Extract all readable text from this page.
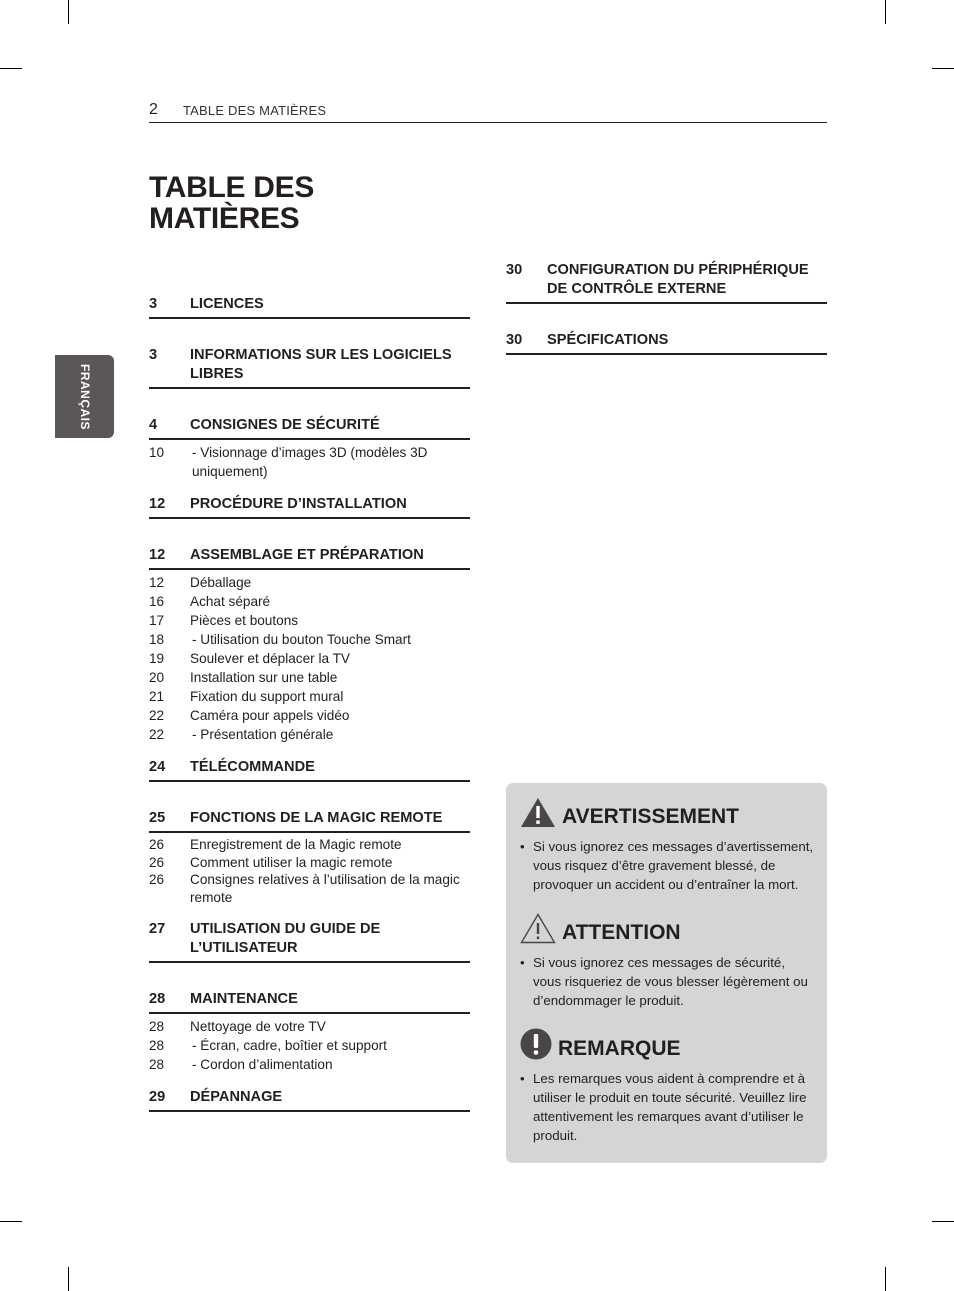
2 TABLE DES MATIÈRES
FRANÇAIS
TABLE DES
MATIÈRES
3	LICENCES
3	INFORMATIONS SUR LES LOGICIELS LIBRES
4	CONSIGNES DE SÉCURITÉ
10	- Visionnage d’images 3D (modèles 3D uniquement)
12	PROCÉDURE D’INSTALLATION
12	ASSEMBLAGE ET PRÉPARATION
12	Déballage
16	Achat séparé
17	Pièces et boutons
18	- Utilisation du bouton Touche Smart
19	Soulever et déplacer la TV
20	Installation sur une table
21	Fixation du support mural
22	Caméra pour appels vidéo
22	- Présentation générale
24	TÉLÉCOMMANDE
25	FONCTIONS DE LA MAGIC REMOTE
26	Enregistrement de la Magic remote
26	Comment utiliser la magic remote
26	Consignes relatives à l’utilisation de la magic remote
27	UTILISATION DU GUIDE DE L’UTILISATEUR
28	MAINTENANCE
28	Nettoyage de votre TV
28	- Écran, cadre, boîtier et support
28	- Cordon d’alimentation
29	DÉPANNAGE
30	CONFIGURATION DU PÉRIPHÉRIQUE DE CONTRÔLE EXTERNE
30	SPÉCIFICATIONS
AVERTISSEMENT
• Si vous ignorez ces messages d’avertissement, vous risquez d’être gravement blessé, de provoquer un accident ou d’entraîner la mort.
ATTENTION
• Si vous ignorez ces messages de sécurité, vous risqueriez de vous blesser légèrement ou d’endommager le produit.
REMARQUE
• Les remarques vous aident à comprendre et à utiliser le produit en toute sécurité. Veuillez lire attentivement les remarques avant d’utiliser le produit.
